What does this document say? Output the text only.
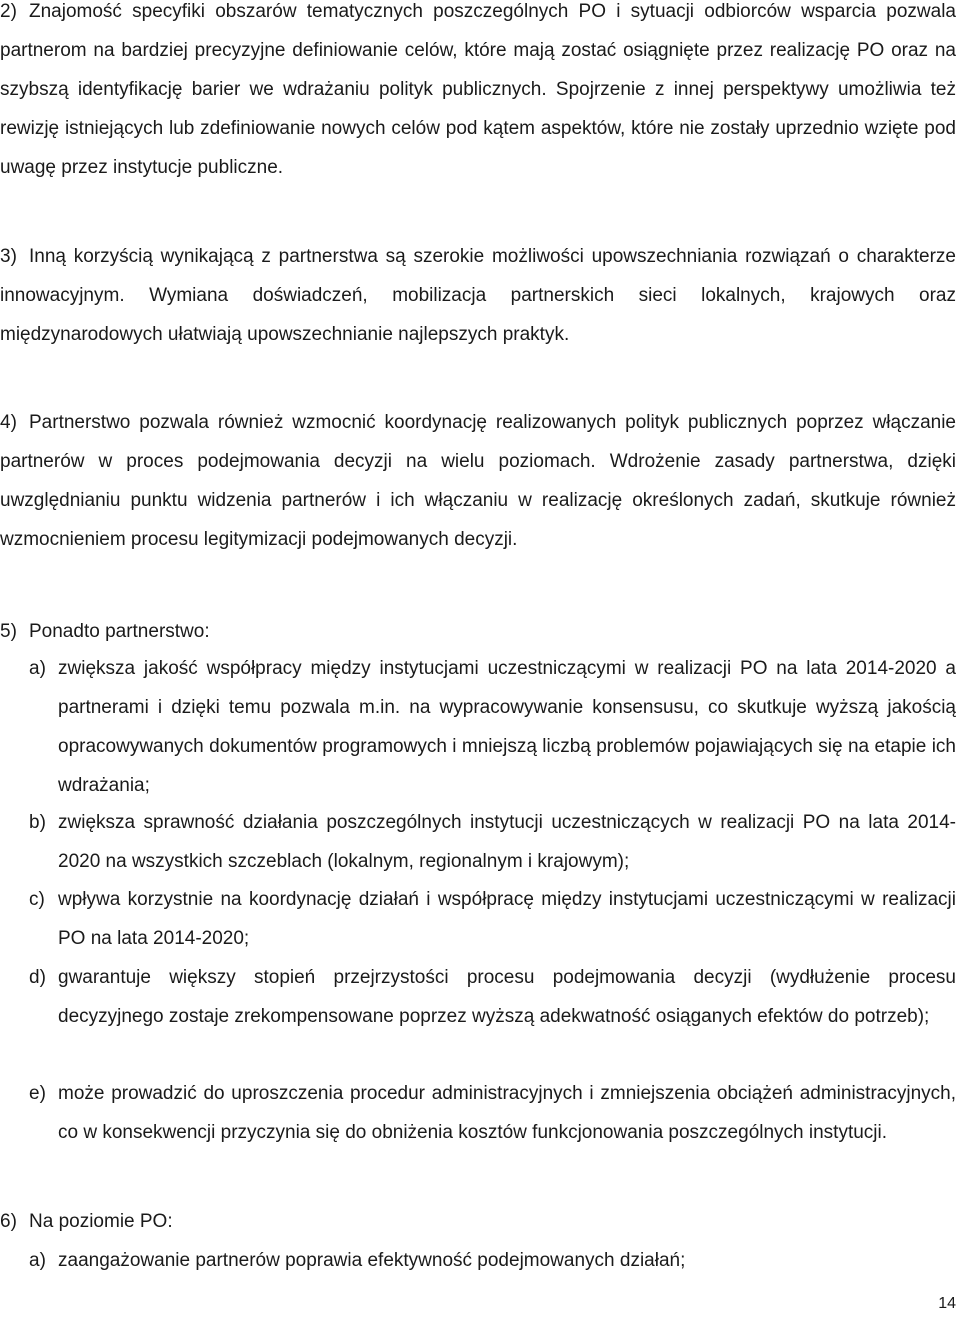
2) Znajomość specyfiki obszarów tematycznych poszczególnych PO i sytuacji odbiorców wsparcia pozwala partnerom na bardziej precyzyjne definiowanie celów, które mają zostać osiągnięte przez realizację PO oraz na szybszą identyfikację barier we wdrażaniu polityk publicznych. Spojrzenie z innej perspektywy umożliwia też rewizję istniejących lub zdefiniowanie nowych celów pod kątem aspektów, które nie zostały uprzednio wzięte pod uwagę przez instytucje publiczne.
3) Inną korzyścią wynikającą z partnerstwa są szerokie możliwości upowszechniania rozwiązań o charakterze innowacyjnym. Wymiana doświadczeń, mobilizacja partnerskich sieci lokalnych, krajowych oraz międzynarodowych ułatwiają upowszechnianie najlepszych praktyk.
4) Partnerstwo pozwala również wzmocnić koordynację realizowanych polityk publicznych poprzez włączanie partnerów w proces podejmowania decyzji na wielu poziomach. Wdrożenie zasady partnerstwa, dzięki uwzględnianiu punktu widzenia partnerów i ich włączaniu w realizację określonych zadań, skutkuje również wzmocnieniem procesu legitymizacji podejmowanych decyzji.
5) Ponadto partnerstwo:
a) zwiększa jakość współpracy między instytucjami uczestniczącymi w realizacji PO na lata 2014-2020 a partnerami i dzięki temu pozwala m.in. na wypracowywanie konsensusu, co skutkuje wyższą jakością opracowywanych dokumentów programowych i mniejszą liczbą problemów pojawiających się na etapie ich wdrażania;
b) zwiększa sprawność działania poszczególnych instytucji uczestniczących w realizacji PO na lata 2014-2020 na wszystkich szczeblach (lokalnym, regionalnym i krajowym);
c) wpływa korzystnie na koordynację działań i współpracę między instytucjami uczestniczącymi w realizacji PO na lata 2014-2020;
d) gwarantuje większy stopień przejrzystości procesu podejmowania decyzji (wydłużenie procesu decyzyjnego zostaje zrekompensowane poprzez wyższą adekwatność osiąganych efektów do potrzeb);
e) może prowadzić do uproszczenia procedur administracyjnych i zmniejszenia obciążeń administracyjnych, co w konsekwencji przyczynia się do obniżenia kosztów funkcjonowania poszczególnych instytucji.
6) Na poziomie PO:
a) zaangażowanie partnerów poprawia efektywność podejmowanych działań;
14
